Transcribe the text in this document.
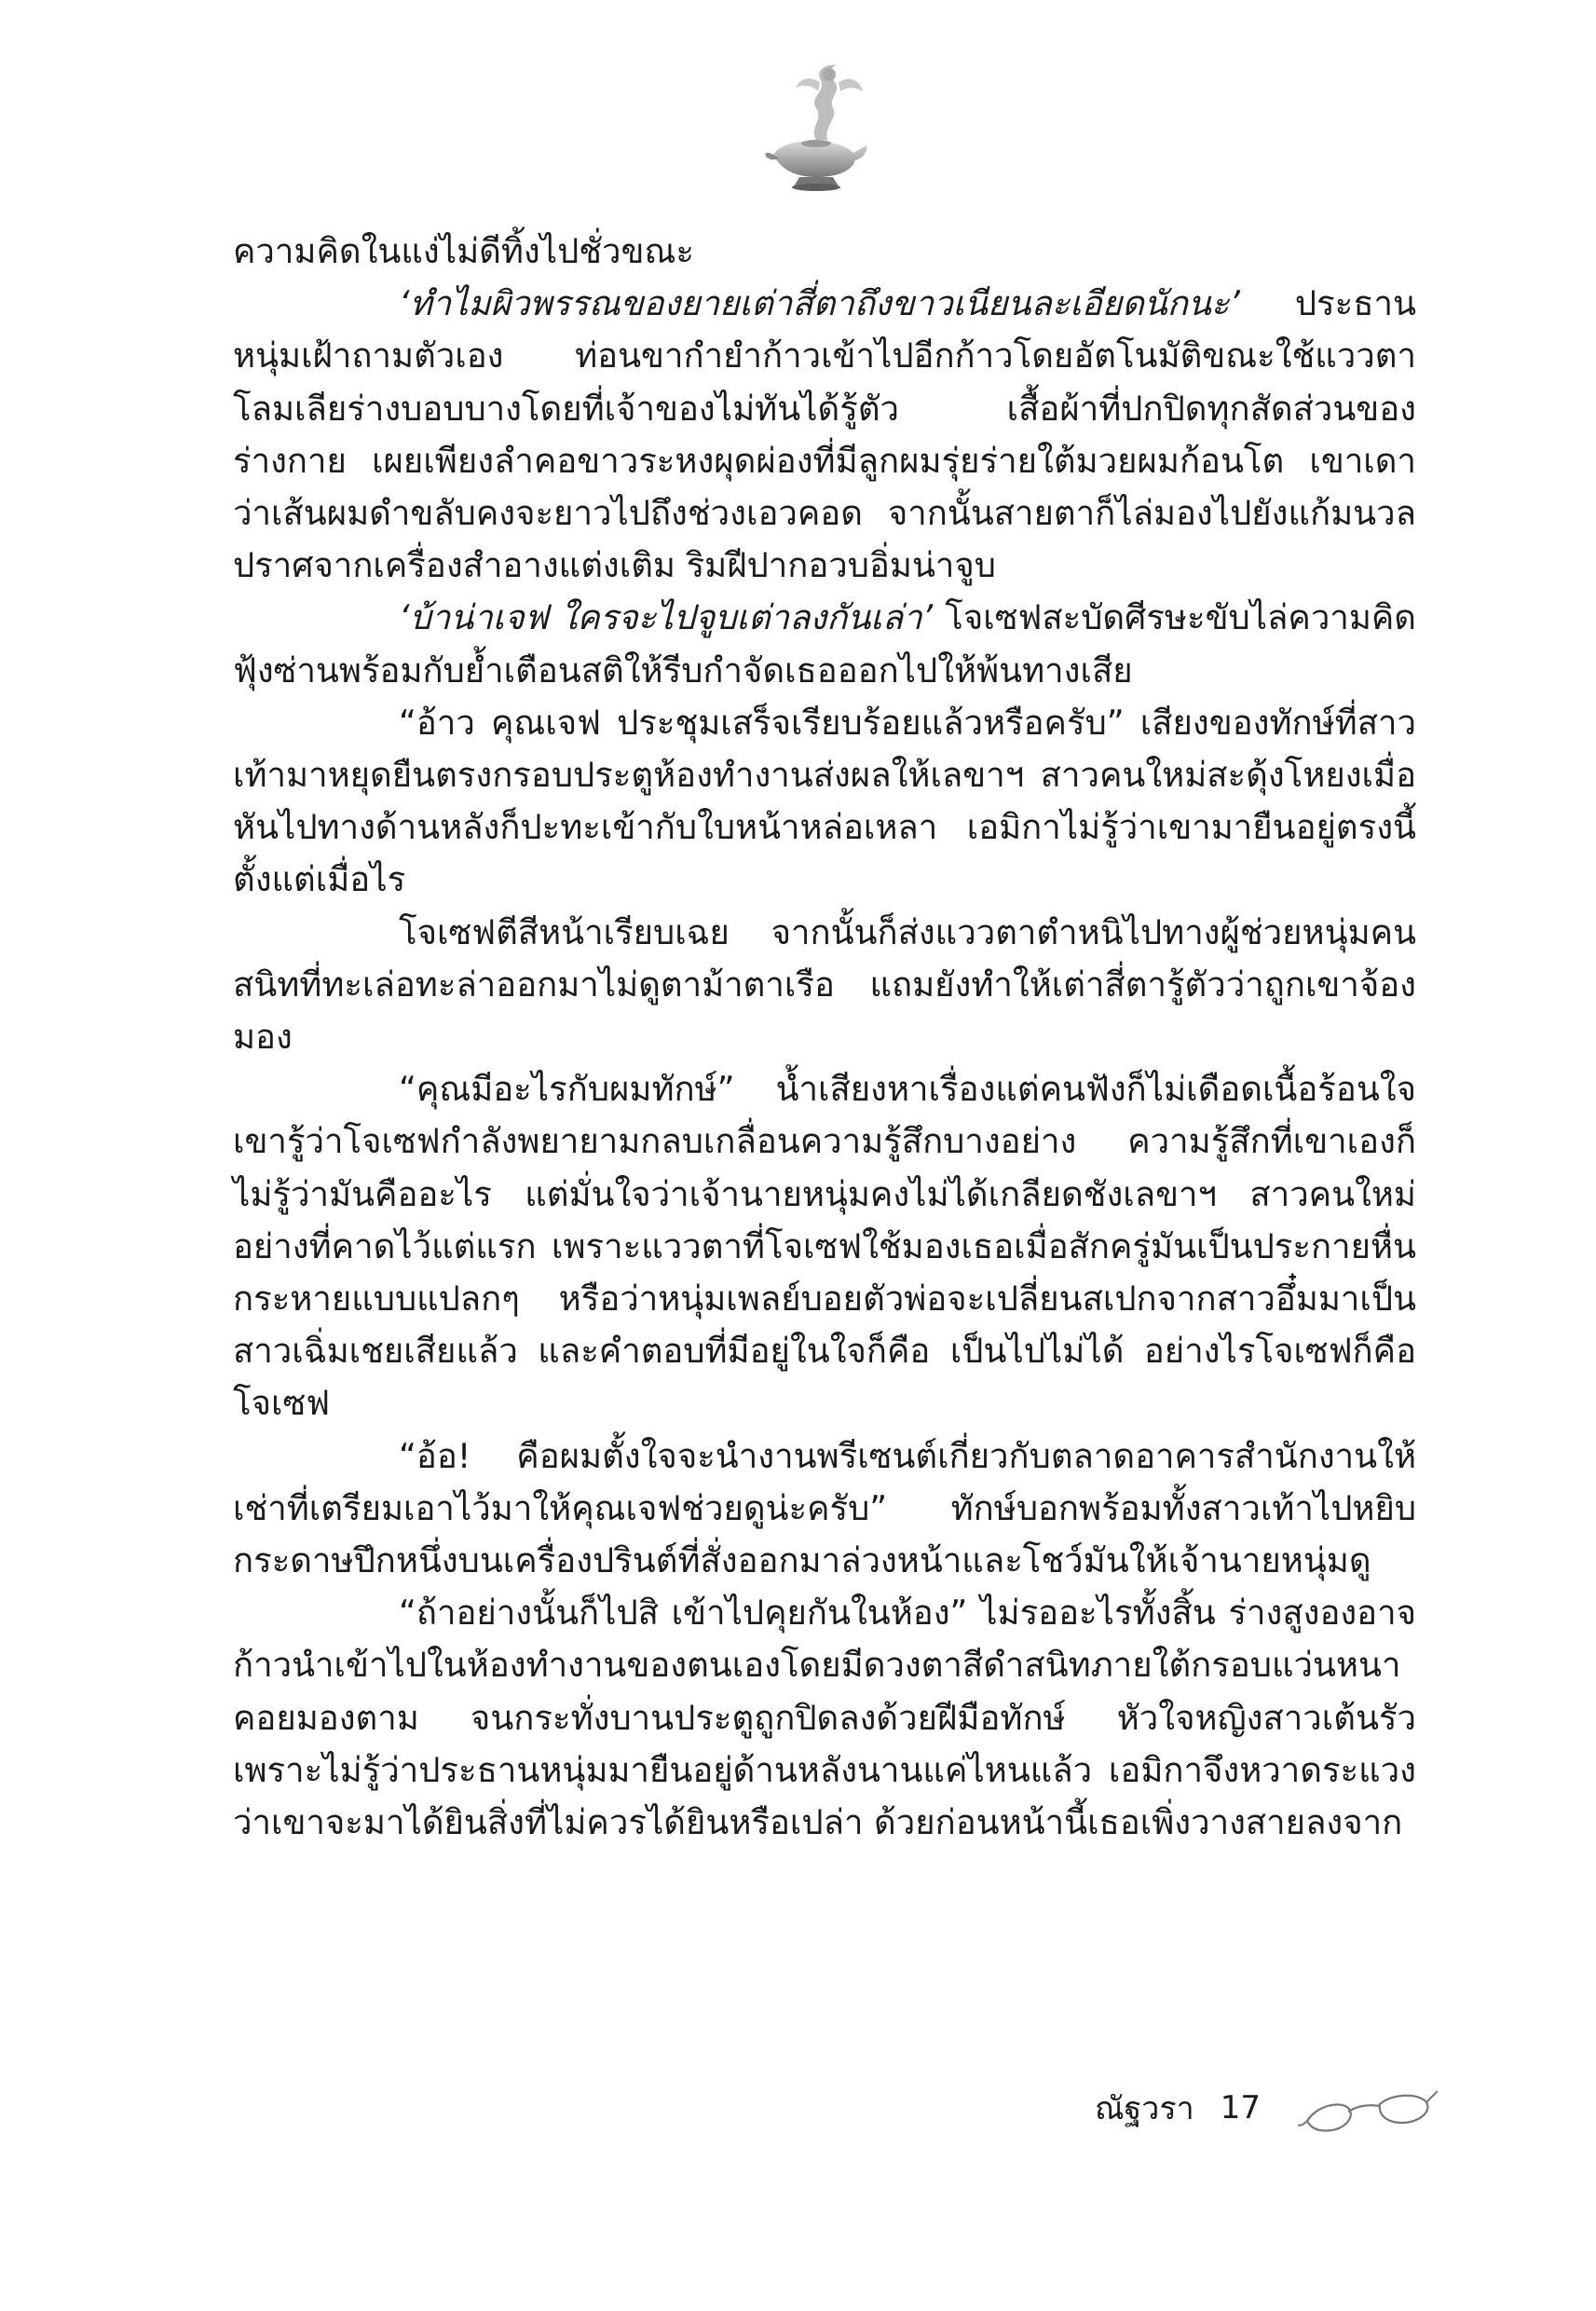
ความคิดในแง่ไม่ดีทิ้งไปชั่วขณะ

‘ทำไมผิวพรรณของยายเต่าสี่ตาถึงขาวเนียนละเอียดนักนะ’ ประธานหนุ่มเฝ้าถามตัวเอง ท่อนขากำยำก้าวเข้าไปอีกก้าวโดยอัตโนมัติขณะใช้แววตาโลมเลียร่างบอบบางโดยที่เจ้าของไม่ทันได้รู้ตัว เสื้อผ้าที่ปกปิดทุกสัดส่วนของร่างกาย เผยเพียงลำคอขาวระหงผุดผ่องที่มีลูกผมรุ่ยร่ายใต้มวยผมก้อนโต เขาเดาว่าเส้นผมดำขลับคงจะยาวไปถึงช่วงเอวคอด จากนั้นสายตาก็ไล่มองไปยังแก้มนวลปราศจากเครื่องสำอางแต่งเติม ริมฝีปากอวบอิ่มน่าจูบ

‘บ้าน่าเจฟ ใครจะไปจูบเต่าลงกันเล่า’ โจเซฟสะบัดศีรษะขับไล่ความคิดฟุ้งซ่านพร้อมกับย้ำเตือนสติให้รีบกำจัดเธอออกไปให้พ้นทางเสีย

“อ้าว คุณเจฟ ประชุมเสร็จเรียบร้อยแล้วหรือครับ” เสียงของทักษ์ที่สาวเท้ามาหยุดยืนตรงกรอบประตูห้องทำงานส่งผลให้เลขาฯ สาวคนใหม่สะดุ้งโหยงเมื่อหันไปทางด้านหลังก็ปะทะเข้ากับใบหน้าหล่อเหลา เอมิกาไม่รู้ว่าเขามายืนอยู่ตรงนี้ตั้งแต่เมื่อไร

โจเซฟตีสีหน้าเรียบเฉย จากนั้นก็ส่งแววตาตำหนิไปทางผู้ช่วยหนุ่มคนสนิทที่ทะเล่อทะล่าออกมาไม่ดูตาม้าตาเรือ แถมยังทำให้เต่าสี่ตารู้ตัวว่าถูกเขาจ้องมอง

“คุณมีอะไรกับผมทักษ์” น้ำเสียงหาเรื่องแต่คนฟังก็ไม่เดือดเนื้อร้อนใจ เขารู้ว่าโจเซฟกำลังพยายามกลบเกลื่อนความรู้สึกบางอย่าง ความรู้สึกที่เขาเองก็ไม่รู้ว่ามันคืออะไร แต่มั่นใจว่าเจ้านายหนุ่มคงไม่ได้เกลียดชังเลขาฯ สาวคนใหม่อย่างที่คาดไว้แต่แรก เพราะแววตาที่โจเซฟใช้มองเธอเมื่อสักครู่มันเป็นประกายหื่นกระหายแบบแปลกๆ หรือว่าหนุ่มเพลย์บอยตัวพ่อจะเปลี่ยนสเปกจากสาวอึ๋มมาเป็นสาวเฉิ่มเชยเสียแล้ว และคำตอบที่มีอยู่ในใจก็คือ เป็นไปไม่ได้ อย่างไรโจเซฟก็คือโจเซฟ

“อ้อ! คือผมตั้งใจจะนำงานพรีเซนต์เกี่ยวกับตลาดอาคารสำนักงานให้เช่าที่เตรียมเอาไว้มาให้คุณเจฟช่วยดูน่ะครับ” ทักษ์บอกพร้อมทั้งสาวเท้าไปหยิบกระดาษปึกหนึ่งบนเครื่องปรินต์ที่สั่งออกมาล่วงหน้าและโชว์มันให้เจ้านายหนุ่มดู

“ถ้าอย่างนั้นก็ไปสิ เข้าไปคุยกันในห้อง” ไม่รออะไรทั้งสิ้น ร่างสูงองอาจก้าวนำเข้าไปในห้องทำงานของตนเองโดยมีดวงตาสีดำสนิทภายใต้กรอบแว่นหนาคอยมองตาม จนกระทั่งบานประตูถูกปิดลงด้วยฝีมือทักษ์ หัวใจหญิงสาวเต้นรัวเพราะไม่รู้ว่าประธานหนุ่มมายืนอยู่ด้านหลังนานแค่ไหนแล้ว เอมิกาจึงหวาดระแวงว่าเขาจะมาได้ยินสิ่งที่ไม่ควรได้ยินหรือเปล่า ด้วยก่อนหน้านี้เธอเพิ่งวางสายลงจาก

ณัฐวรา 17
